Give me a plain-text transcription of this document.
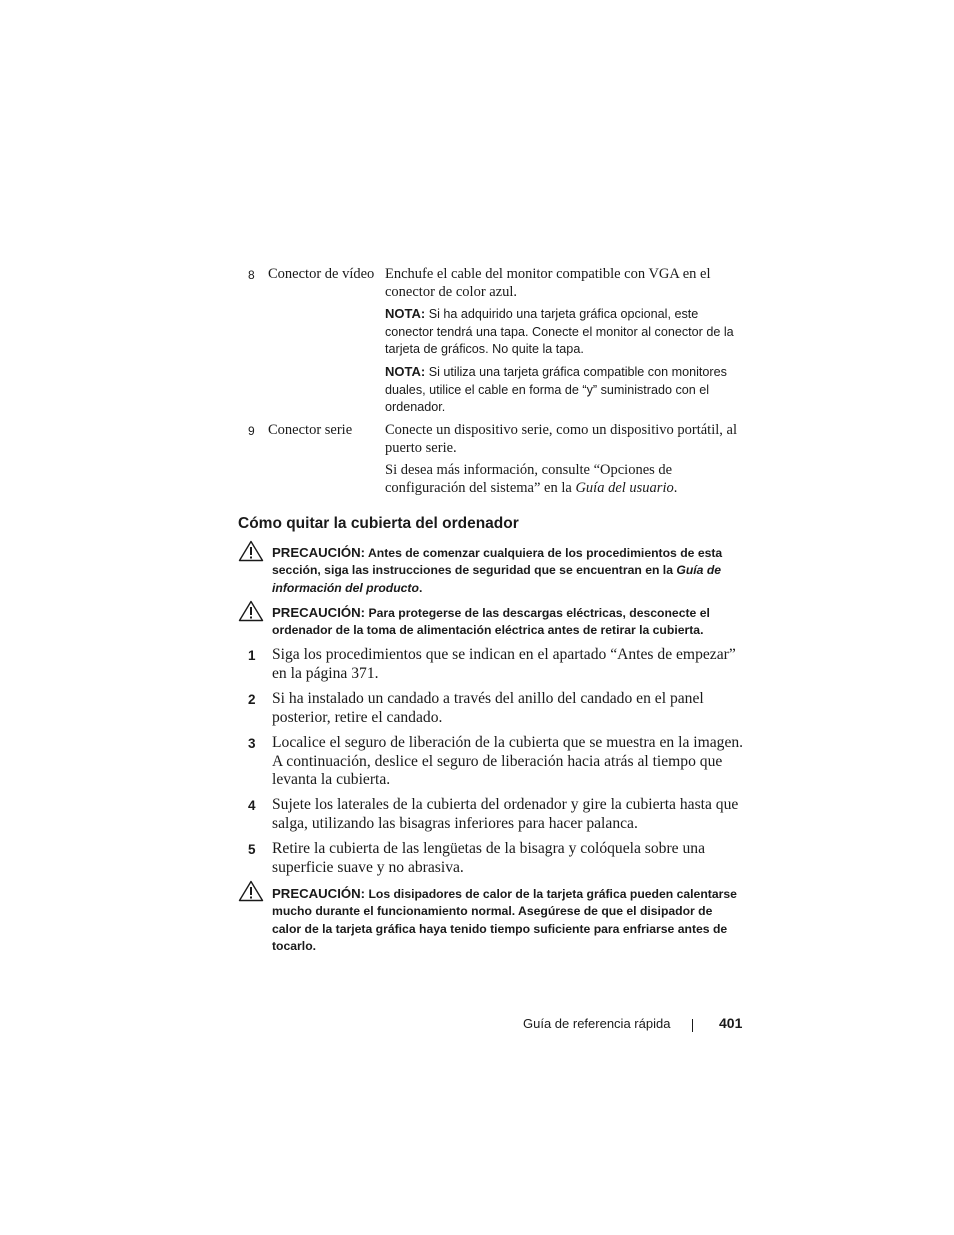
8 Conector de vídeo Enchufe el cable del monitor compatible con VGA en el conector de color azul.
NOTA: Si ha adquirido una tarjeta gráfica opcional, este conector tendrá una tapa. Conecte el monitor al conector de la tarjeta de gráficos. No quite la tapa.
NOTA: Si utiliza una tarjeta gráfica compatible con monitores duales, utilice el cable en forma de “y” suministrado con el ordenador.
9 Conector serie	Conecte un dispositivo serie, como un dispositivo portátil, al puerto serie.
Si desea más información, consulte “Opciones de configuración del sistema” en la Guía del usuario.
Cómo quitar la cubierta del ordenador
PRECAUCIÓN: Antes de comenzar cualquiera de los procedimientos de esta sección, siga las instrucciones de seguridad que se encuentran en la Guía de información del producto.
PRECAUCIÓN: Para protegerse de las descargas eléctricas, desconecte el ordenador de la toma de alimentación eléctrica antes de retirar la cubierta.
1 Siga los procedimientos que se indican en el apartado “Antes de empezar” en la página 371.
2 Si ha instalado un candado a través del anillo del candado en el panel posterior, retire el candado.
3 Localice el seguro de liberación de la cubierta que se muestra en la imagen. A continuación, deslice el seguro de liberación hacia atrás al tiempo que levanta la cubierta.
4 Sujete los laterales de la cubierta del ordenador y gire la cubierta hasta que salga, utilizando las bisagras inferiores para hacer palanca.
5 Retire la cubierta de las lengüetas de la bisagra y colóquela sobre una superficie suave y no abrasiva.
PRECAUCIÓN: Los disipadores de calor de la tarjeta gráfica pueden calentarse mucho durante el funcionamiento normal. Asegúrese de que el disipador de calor de la tarjeta gráfica haya tenido tiempo suficiente para enfriarse antes de tocarlo.
Guía de referencia rápida	401
